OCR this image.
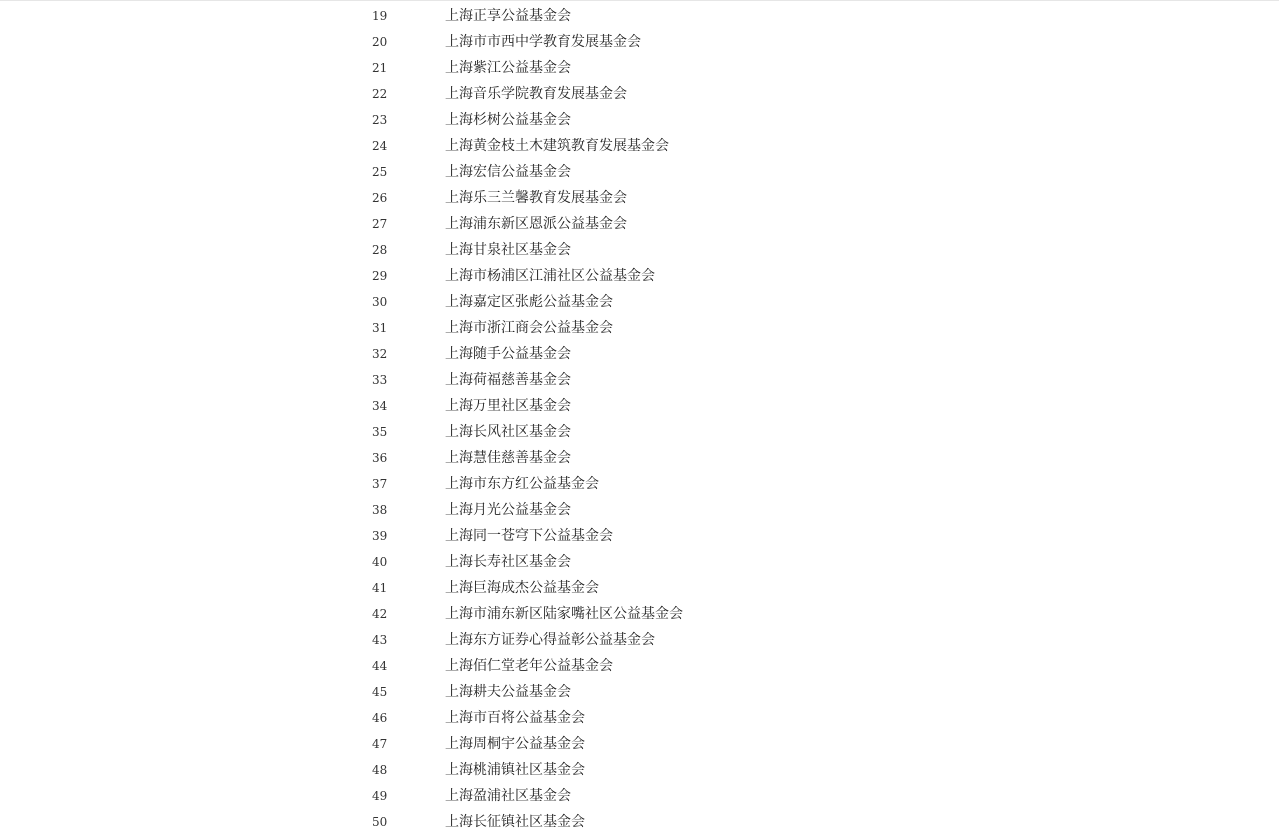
19	上海正享公益基金会
20	上海市市西中学教育发展基金会
21	上海紫江公益基金会
22	上海音乐学院教育发展基金会
23	上海杉树公益基金会
24	上海黄金枝土木建筑教育发展基金会
25	上海宏信公益基金会
26	上海乐三兰馨教育发展基金会
27	上海浦东新区恩派公益基金会
28	上海甘泉社区基金会
29	上海市杨浦区江浦社区公益基金会
30	上海嘉定区张彪公益基金会
31	上海市浙江商会公益基金会
32	上海随手公益基金会
33	上海荷福慈善基金会
34	上海万里社区基金会
35	上海长风社区基金会
36	上海慧佳慈善基金会
37	上海市东方红公益基金会
38	上海月光公益基金会
39	上海同一苍穹下公益基金会
40	上海长寿社区基金会
41	上海巨海成杰公益基金会
42	上海市浦东新区陆家嘴社区公益基金会
43	上海东方证券心得益彰公益基金会
44	上海佰仁堂老年公益基金会
45	上海耕夫公益基金会
46	上海市百将公益基金会
47	上海周桐宇公益基金会
48	上海桃浦镇社区基金会
49	上海盈浦社区基金会
50	上海长征镇社区基金会
